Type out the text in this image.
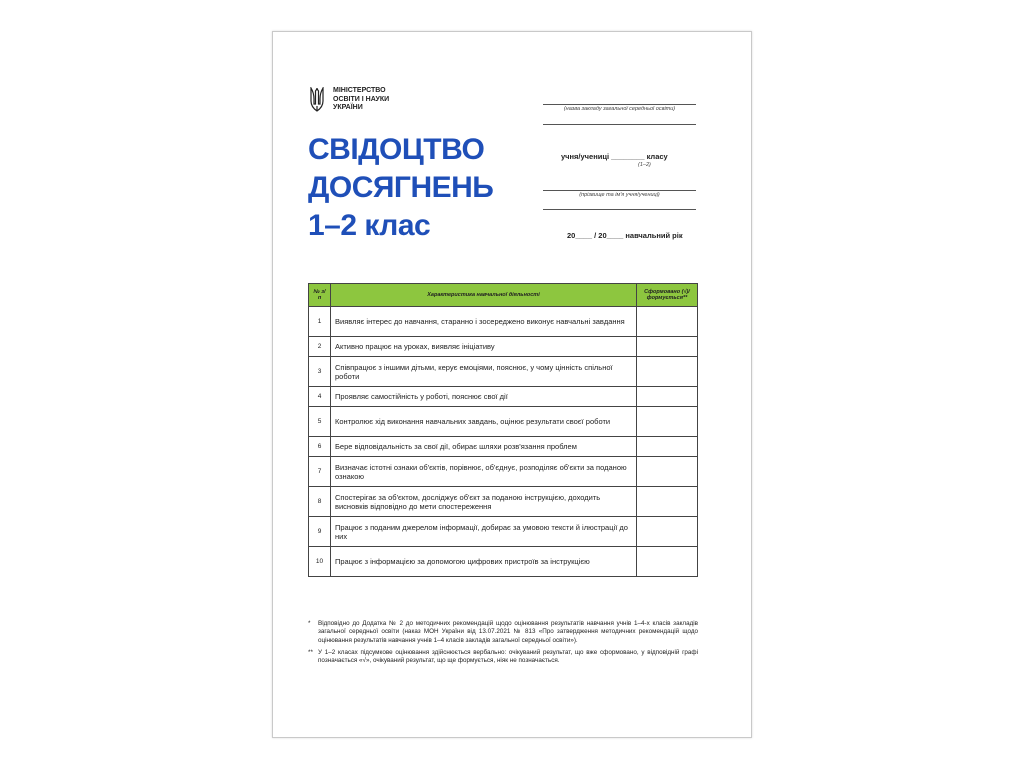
МІНІСТЕРСТВО
ОСВІТИ І НАУКИ
УКРАЇНИ
СВІДОЦТВО
ДОСЯГНЕНЬ
1–2 клас
(назва закладу загальної середньої освіти)
учня/учениці ________ класу
(1–2)
(прізвище та ім'я учня/учениці)
20____ / 20____ навчальний рік
№ з/п	Характеристика навчальної діяльності	Сформовано (√)/ формується**
1	Виявляє інтерес до навчання, старанно і зосереджено виконує навчальні завдання	
2	Активно працює на уроках, виявляє ініціативу	
3	Співпрацює з іншими дітьми, керує емоціями, пояснює, у чому цінність спільної роботи	
4	Проявляє самостійність у роботі, пояснює свої дії	
5	Контролює хід виконання навчальних завдань, оцінює результати своєї роботи	
6	Бере відповідальність за свої дії, обирає шляхи розв'язання проблем	
7	Визначає істотні ознаки об'єктів, порівнює, об'єднує, розподіляє об'єкти за поданою ознакою	
8	Спостерігає за об'єктом, досліджує об'єкт за поданою інструкцією, доходить висновків відповідно до мети спостереження	
9	Працює з поданим джерелом інформації, добирає за умовою тексти й ілюстрації до них	
10	Працює з інформацією за допомогою цифрових пристроїв за інструкцією	
* Відповідно до Додатка № 2 до методичних рекомендацій щодо оцінювання результатів навчання учнів 1–4-х класів закладів загальної середньої освіти (наказ МОН України від 13.07.2021 № 813 «Про затвердження методичних рекомендацій щодо оцінювання результатів навчання учнів 1–4 класів закладів загальної середньої освіти»).
** У 1–2 класах підсумкове оцінювання здійснюється вербально: очікуваний результат, що вже сформовано, у відповідній графі позначається «√», очікуваний результат, що ще формується, ніяк не позначається.
